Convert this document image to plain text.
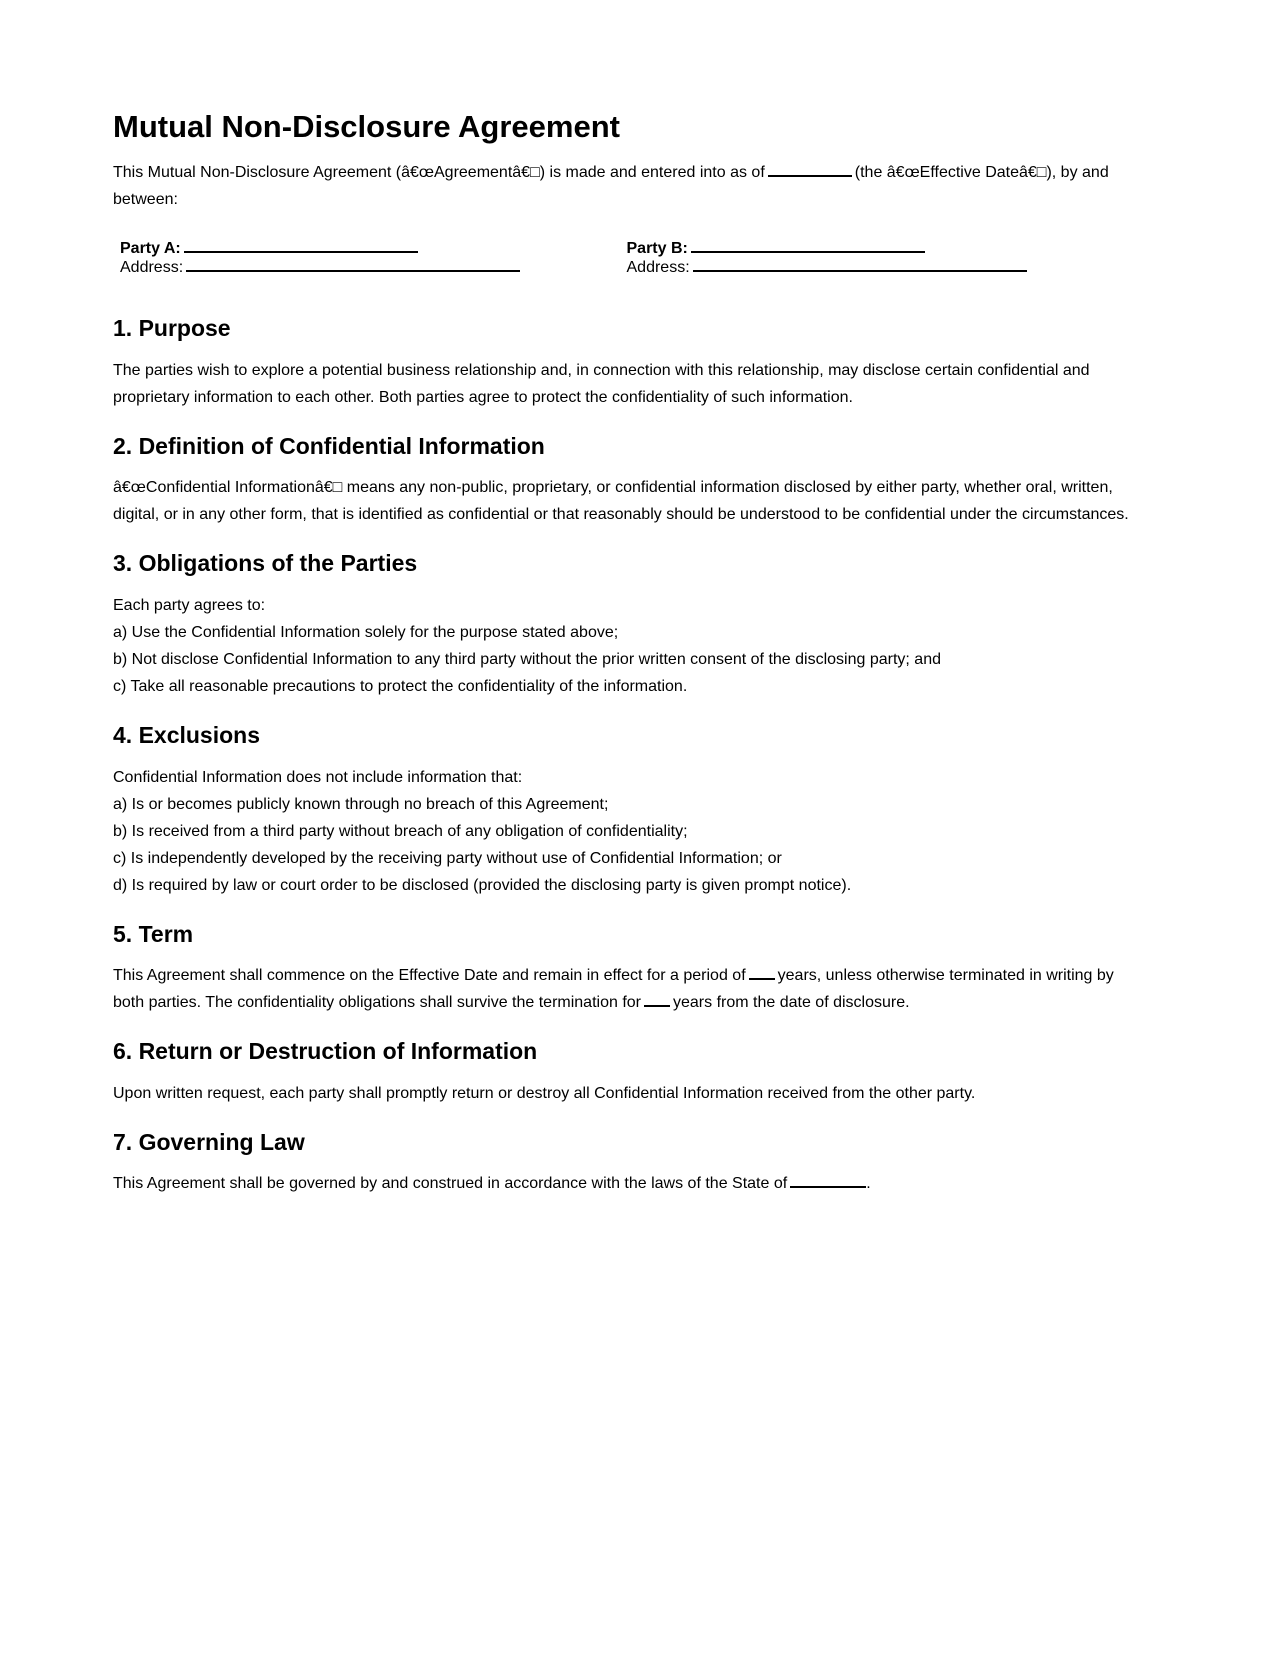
Mutual Non-Disclosure Agreement

This Mutual Non-Disclosure Agreement (â€œAgreementâ€□) is made and entered into as of	(the â€œEffective Dateâ€□), by and between:

Party A:
Address:
Party B:
Address:
1. Purpose

The parties wish to explore a potential business relationship and, in connection with this relationship, may disclose certain confidential and proprietary information to each other. Both parties agree to protect the confidentiality of such information.

2. Definition of Confidential Information

â€œConfidential Informationâ€□ means any non-public, proprietary, or confidential information disclosed by either party, whether oral, written, digital, or in any other form, that is identified as confidential or that reasonably should be understood to be confidential under the circumstances.

3. Obligations of the Parties

Each party agrees to:
a) Use the Confidential Information solely for the purpose stated above;
b) Not disclose Confidential Information to any third party without the prior written consent of the disclosing party; and
c) Take all reasonable precautions to protect the confidentiality of the information.

4. Exclusions

Confidential Information does not include information that:
a) Is or becomes publicly known through no breach of this Agreement;
b) Is received from a third party without breach of any obligation of confidentiality;
c) Is independently developed by the receiving party without use of Confidential Information; or
d) Is required by law or court order to be disclosed (provided the disclosing party is given prompt notice).

5. Term

This Agreement shall commence on the Effective Date and remain in effect for a period of years, unless otherwise terminated in writing by both parties. The confidentiality obligations shall survive the termination for years from the date of disclosure.

6. Return or Destruction of Information

Upon written request, each party shall promptly return or destroy all Confidential Information received from the other party.

7. Governing Law

This Agreement shall be governed by and construed in accordance with the laws of the State of	.
